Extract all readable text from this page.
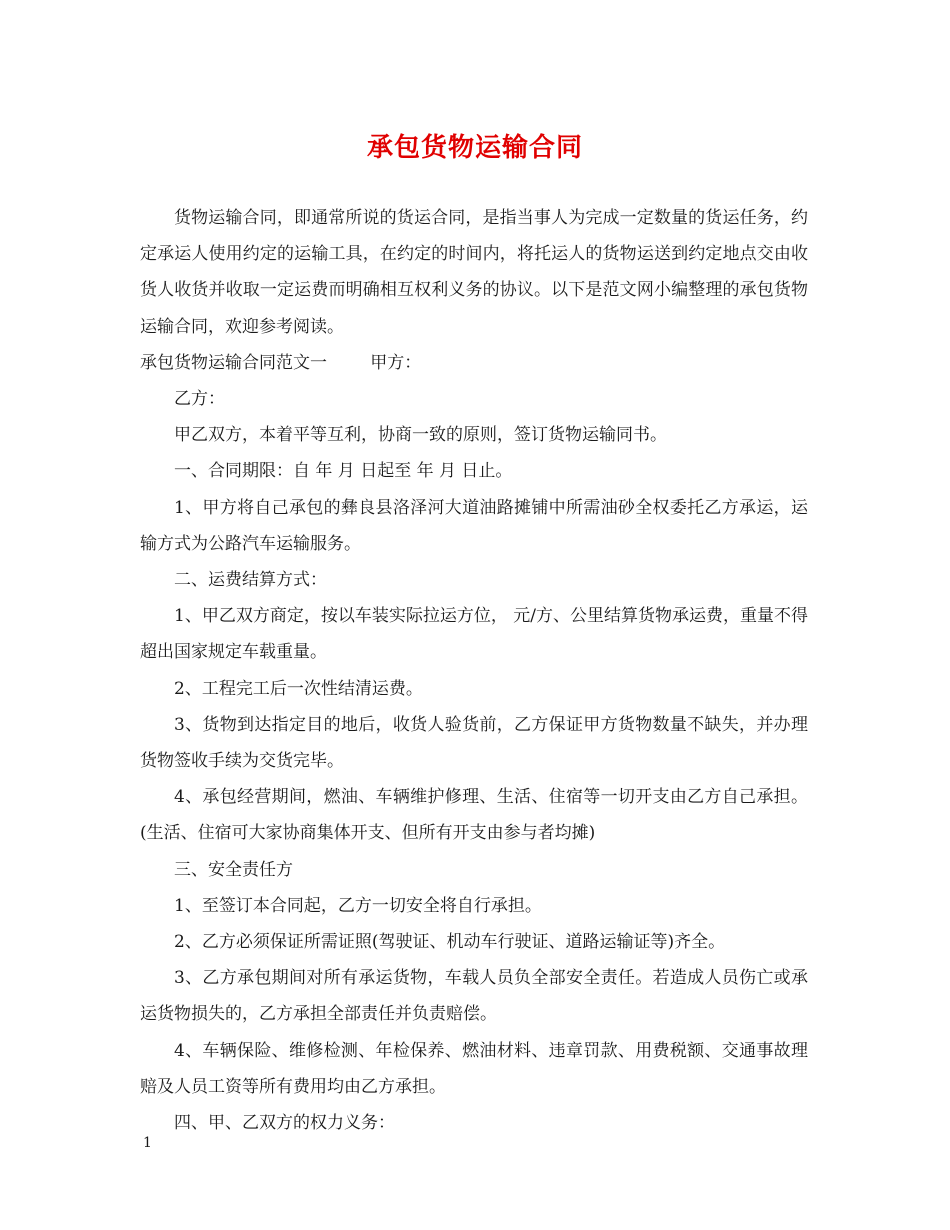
承包货物运输合同

货物运输合同，即通常所说的货运合同，是指当事人为完成一定数量的货运任务，约定承运人使用约定的运输工具，在约定的时间内，将托运人的货物运送到约定地点交由收货人收货并收取一定运费而明确相互权利义务的协议。以下是范文网小编整理的承包货物运输合同，欢迎参考阅读。

承包货物运输合同范文一        甲方：

乙方：

甲乙双方，本着平等互利，协商一致的原则，签订货物运输同书。

一、合同期限：自 年 月 日起至 年 月 日止。

1、甲方将自己承包的彝良县洛泽河大道油路摊铺中所需油砂全权委托乙方承运，运输方式为公路汽车运输服务。

二、运费结算方式：

1、甲乙双方商定，按以车装实际拉运方位， 元/方、公里结算货物承运费，重量不得超出国家规定车载重量。

2、工程完工后一次性结清运费。

3、货物到达指定目的地后，收货人验货前，乙方保证甲方货物数量不缺失，并办理货物签收手续为交货完毕。

4、承包经营期间，燃油、车辆维护修理、生活、住宿等一切开支由乙方自己承担。(生活、住宿可大家协商集体开支、但所有开支由参与者均摊)

三、安全责任方

1、至签订本合同起，乙方一切安全将自行承担。

2、乙方必须保证所需证照(驾驶证、机动车行驶证、道路运输证等)齐全。

3、乙方承包期间对所有承运货物，车载人员负全部安全责任。若造成人员伤亡或承运货物损失的，乙方承担全部责任并负责赔偿。

4、车辆保险、维修检测、年检保养、燃油材料、违章罚款、用费税额、交通事故理赔及人员工资等所有费用均由乙方承担。

四、甲、乙双方的权力义务：

1
